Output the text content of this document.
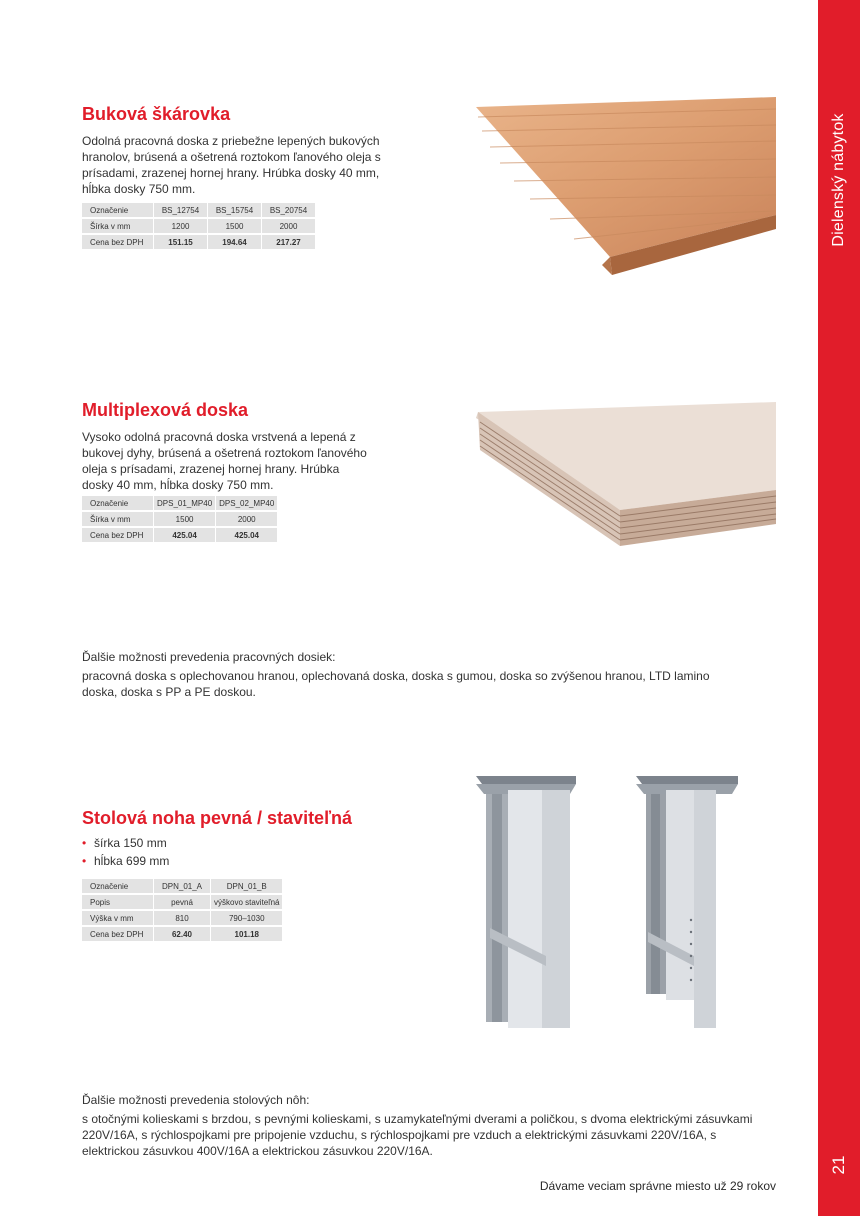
Dielenský nábytok
21
Buková škárovka

Odolná pracovná doska z priebežne lepených bukových hranolov, brúsená a ošetrená roztokom ľanového oleja s prísadami, zrazenej hornej hrany. Hrúbka dosky 40 mm, hĺbka dosky 750 mm.

Označenie	BS_12754	BS_15754	BS_20754
Šírka v mm	1200	1500	2000
Cena bez DPH	151.15	194.64	217.27
Multiplexová doska

Vysoko odolná pracovná doska vrstvená a lepená z bukovej dyhy, brúsená a ošetrená roztokom ľanového oleja s prísadami, zrazenej hornej hrany. Hrúbka dosky 40 mm, hĺbka dosky 750 mm.

Označenie	DPS_01_MP40	DPS_02_MP40
Šírka v mm	1500	2000
Cena bez DPH	425.04	425.04

Ďalšie možnosti prevedenia pracovných dosiek:

pracovná doska s oplechovanou hranou, oplechovaná doska, doska s gumou, doska so zvýšenou hranou, LTD lamino doska, doska s PP a PE doskou.

Stolová noha pevná / staviteľná
• šírka 150 mm
• hĺbka 699 mm
Označenie	DPN_01_A	DPN_01_B
Popis	pevná	výškovo staviteľná
Výška v mm	810	790–1030
Cena bez DPH	62.40	101.18

Ďalšie možnosti prevedenia stolových nôh:

s otočnými kolieskami s brzdou, s pevnými kolieskami, s uzamykateľnými dverami a poličkou, s dvoma elektrickými zásuvkami 220V/16A, s rýchlospojkami pre pripojenie vzduchu, s rýchlospojkami pre vzduch a elektrickými zásuvkami 220V/16A, s elektrickou zásuvkou 400V/16A a elektrickou zásuvkou 220V/16A.

Dávame veciam správne miesto už 29 rokov
